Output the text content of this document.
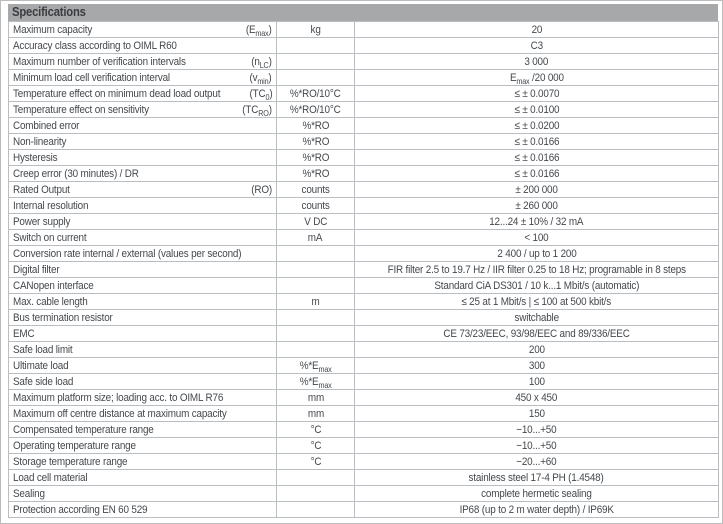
Specifications
Maximum capacity $(E_{max})$	kg	20

Accuracy class according to OIML R60		C3

Maximum number of verification intervals $(n_{LC})$		3 000

Minimum load cell verification interval $(v_{min})$		$E_{max}$ /20 000

Temperature effect on minimum dead load output $(TC_0)$	%*RO/10°C	≤ ± 0.0070

Temperature effect on sensitivity $(TC_{RO})$	%*RO/10°C	≤ ± 0.0100

Combined error	%*RO	≤ ± 0.0200

Non-linearity	%*RO	≤ ± 0.0166

Hysteresis	%*RO	≤ ± 0.0166

Creep error (30 minutes) / DR	%*RO	≤ ± 0.0166

Rated Output (RO)	counts	± 200 000

Internal resolution	counts	± 260 000

Power supply	V DC	12...24 ± 10% / 32 mA

Switch on current	mA	< 100

Conversion rate internal / external (values per second)		2 400 / up to 1 200

Digital filter		FIR filter 2.5 to 19.7 Hz / IIR filter 0.25 to 18 Hz; programable in 8 steps

CANopen interface		Standard CiA DS301 / 10 k...1 Mbit/s (automatic)

Max. cable length	m	≤ 25 at 1 Mbit/s | ≤ 100 at 500 kbit/s

Bus termination resistor		switchable

EMC		CE 73/23/EEC, 93/98/EEC and 89/336/EEC

Safe load limit		200

Ultimate load	$\%*E_{max}$	300

Safe side load	$\%*E_{max}$	100

Maximum platform size; loading acc. to OIML R76	mm	450 x 450

Maximum off centre distance at maximum capacity	mm	150

Compensated temperature range	°C	−10...+50

Operating temperature range	°C	−10...+50

Storage temperature range	°C	−20...+60

Load cell material		stainless steel 17-4 PH (1.4548)

Sealing		complete hermetic sealing

Protection according EN 60 529		IP68 (up to 2 m water depth) / IP69K
